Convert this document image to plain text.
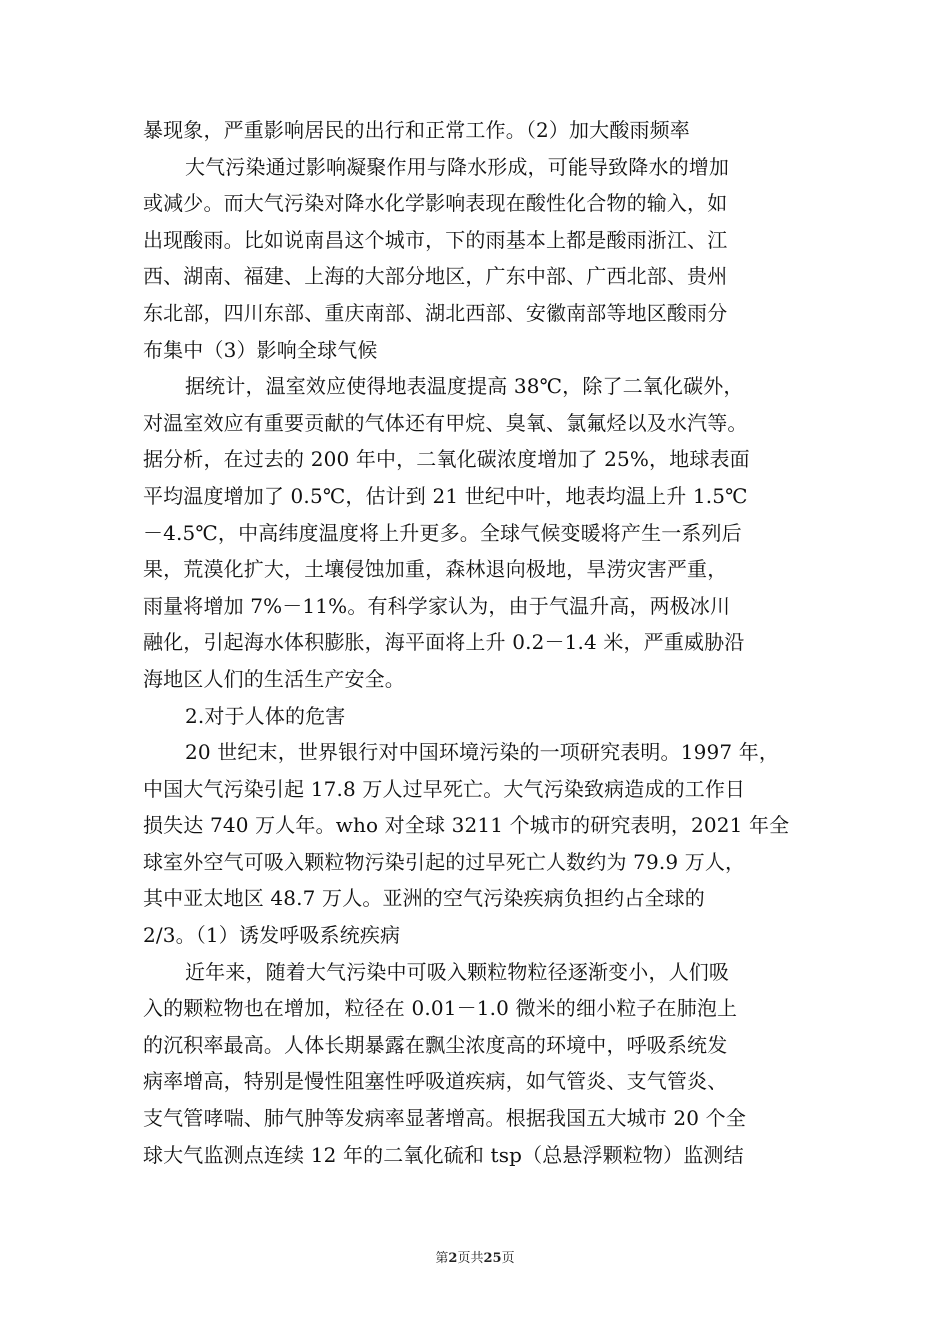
暴现象，严重影响居民的出行和正常工作。（2）加大酸雨频率
大气污染通过影响凝聚作用与降水形成，可能导致降水的增加
或减少。而大气污染对降水化学影响表现在酸性化合物的输入，如
出现酸雨。比如说南昌这个城市，下的雨基本上都是酸雨浙江、江
西、湖南、福建、上海的大部分地区，广东中部、广西北部、贵州
东北部，四川东部、重庆南部、湖北西部、安徽南部等地区酸雨分
布集中（3）影响全球气候
据统计，温室效应使得地表温度提高 38℃，除了二氧化碳外，
对温室效应有重要贡献的气体还有甲烷、臭氧、氯氟烃以及水汽等。
据分析，在过去的 200 年中，二氧化碳浓度增加了 25%，地球表面
平均温度增加了 0.5℃，估计到 21 世纪中叶，地表均温上升 1.5℃
－4.5℃，中高纬度温度将上升更多。全球气候变暖将产生一系列后
果，荒漠化扩大，土壤侵蚀加重，森林退向极地，旱涝灾害严重，
雨量将增加 7%－11%。有科学家认为，由于气温升高，两极冰川
融化，引起海水体积膨胀，海平面将上升 0.2－1.4 米，严重威胁沿
海地区人们的生活生产安全。
2.对于人体的危害
20 世纪末，世界银行对中国环境污染的一项研究表明。1997 年，
中国大气污染引起 17.8 万人过早死亡。大气污染致病造成的工作日
损失达 740 万人年。who 对全球 3211 个城市的研究表明，2021 年全
球室外空气可吸入颗粒物污染引起的过早死亡人数约为 79.9 万人，
其中亚太地区 48.7 万人。亚洲的空气污染疾病负担约占全球的
2/3。（1）诱发呼吸系统疾病
近年来，随着大气污染中可吸入颗粒物粒径逐渐变小，人们吸
入的颗粒物也在增加，粒径在 0.01－1.0 微米的细小粒子在肺泡上
的沉积率最高。人体长期暴露在飘尘浓度高的环境中，呼吸系统发
病率增高，特别是慢性阻塞性呼吸道疾病，如气管炎、支气管炎、
支气管哮喘、肺气肿等发病率显著增高。根据我国五大城市 20 个全
球大气监测点连续 12 年的二氧化硫和 tsp（总悬浮颗粒物）监测结
第2页共25页
